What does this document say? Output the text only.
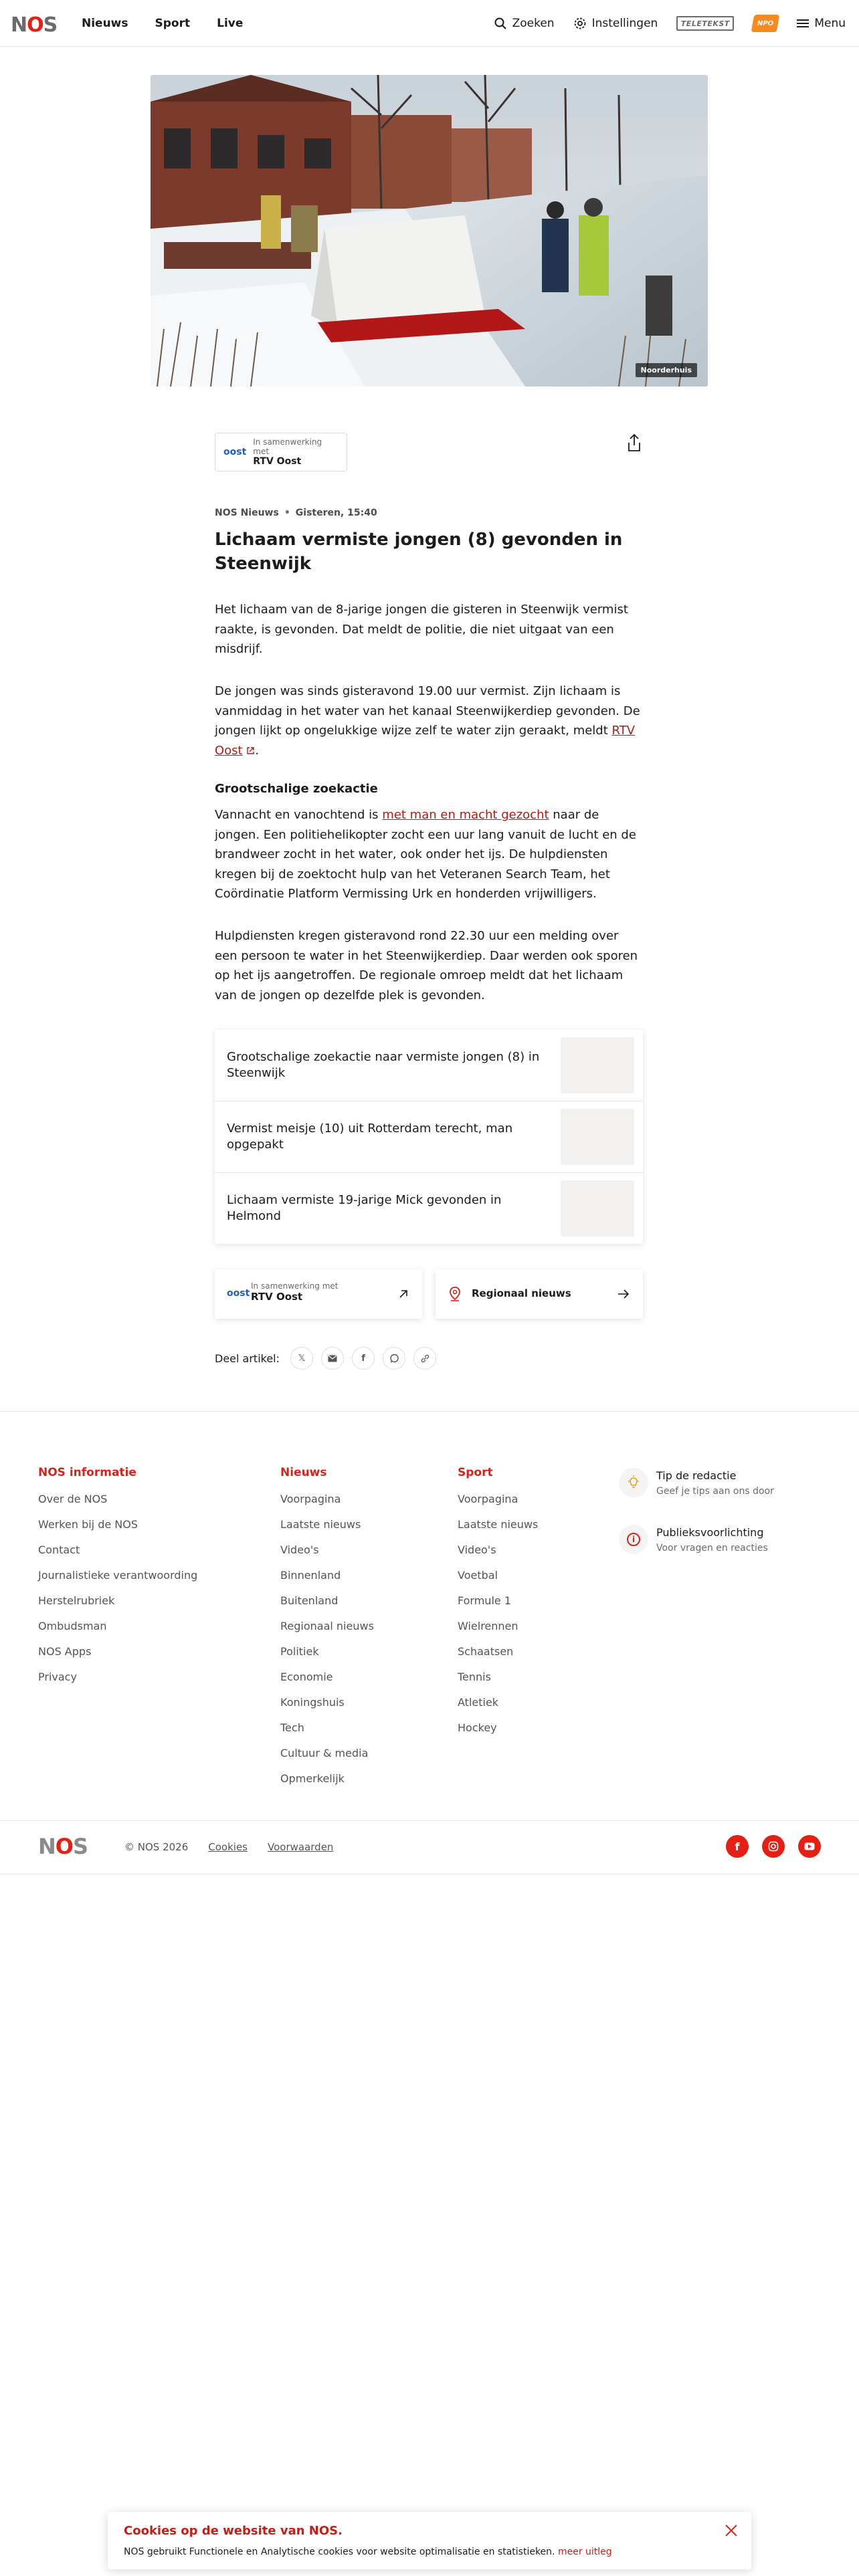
NOS Nieuws Sport Live	Zoeken	Instellingen	TELETEKST	NPO	Menu
Noorderhuis
oost
In samenwerking met
RTV Oost
NOS Nieuws • Gisteren, 15:40
Lichaam vermiste jongen (8) gevonden in Steenwijk

Het lichaam van de 8-jarige jongen die gisteren in Steenwijk vermist raakte, is gevonden. Dat meldt de politie, die niet uitgaat van een misdrijf.

De jongen was sinds gisteravond 19.00 uur vermist. Zijn lichaam is vanmiddag in het water van het kanaal Steenwijkerdiep gevonden. De jongen lijkt op ongelukkige wijze zelf te water zijn geraakt, meldt RTV Oost .

Grootschalige zoekactie

Vannacht en vanochtend is met man en macht gezocht naar de jongen. Een politiehelikopter zocht een uur lang vanuit de lucht en de brandweer zocht in het water, ook onder het ijs. De hulpdiensten kregen bij de zoektocht hulp van het Veteranen Search Team, het Coördinatie Platform Vermissing Urk en honderden vrijwilligers.

Hulpdiensten kregen gisteravond rond 22.30 uur een melding over een persoon te water in het Steenwijkerdiep. Daar werden ook sporen op het ijs aangetroffen. De regionale omroep meldt dat het lichaam van de jongen op dezelfde plek is gevonden.

Grootschalige zoekactie naar vermiste jongen (8) in Steenwijk
Vermist meisje (10) uit Rotterdam terecht, man opgepakt
Lichaam vermiste 19-jarige Mick gevonden in Helmond
oost
In samenwerking met
RTV Oost	Regionaal nieuws
Deel artikel: 𝕏	f
NOS informatie
Over de NOS
Werken bij de NOS
Contact
Journalistieke verantwoording
Herstelrubriek
Ombudsman
NOS Apps
Privacy
Nieuws
Voorpagina
Laatste nieuws
Video's
Binnenland
Buitenland
Regionaal nieuws
Politiek
Economie
Koningshuis
Tech
Cultuur & media
Opmerkelijk
Sport
Voorpagina
Laatste nieuws
Video's
Voetbal
Formule 1
Wielrennen
Schaatsen
Tennis
Atletiek
Hockey
Tip de redactie
Geef je tips aan ons door
i
Publieksvoorlichting
Voor vragen en reacties
NOS	© NOS 2026 Cookies Voorwaarden	f
Cookies op de website van NOS.
NOS gebruikt Functionele en Analytische cookies voor website optimalisatie en statistieken. meer uitleg
